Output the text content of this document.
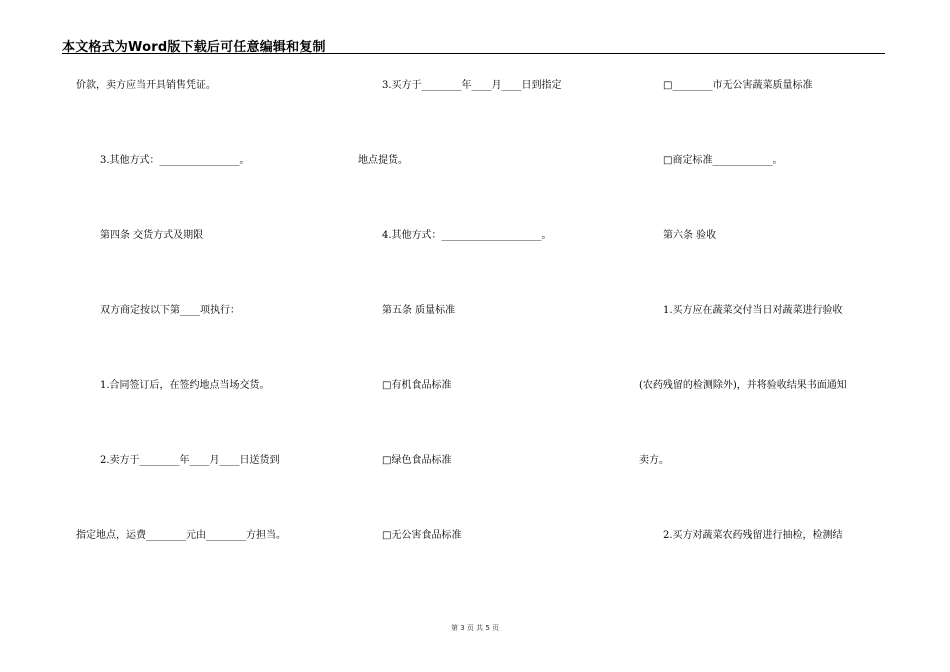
本文格式为Word版下载后可任意编辑和复制
价款，卖方应当开具销售凭证。
3.其他方式：________________。
第四条 交货方式及期限
双方商定按以下第____项执行：
1.合同签订后，在签约地点当场交货。
2.卖方于________年____月____日送货到
指定地点，运费________元由________方担当。
3.买方于________年____月____日到指定
地点提货。
4.其他方式：____________________。
第五条 质量标准
□有机食品标准
□绿色食品标准
□无公害食品标准
□________市无公害蔬菜质量标准
□商定标准____________。
第六条 验收
1.买方应在蔬菜交付当日对蔬菜进行验收
(农药残留的检测除外)，并将验收结果书面通知
卖方。
2.买方对蔬菜农药残留进行抽检，检测结
第 3 页 共 5 页
